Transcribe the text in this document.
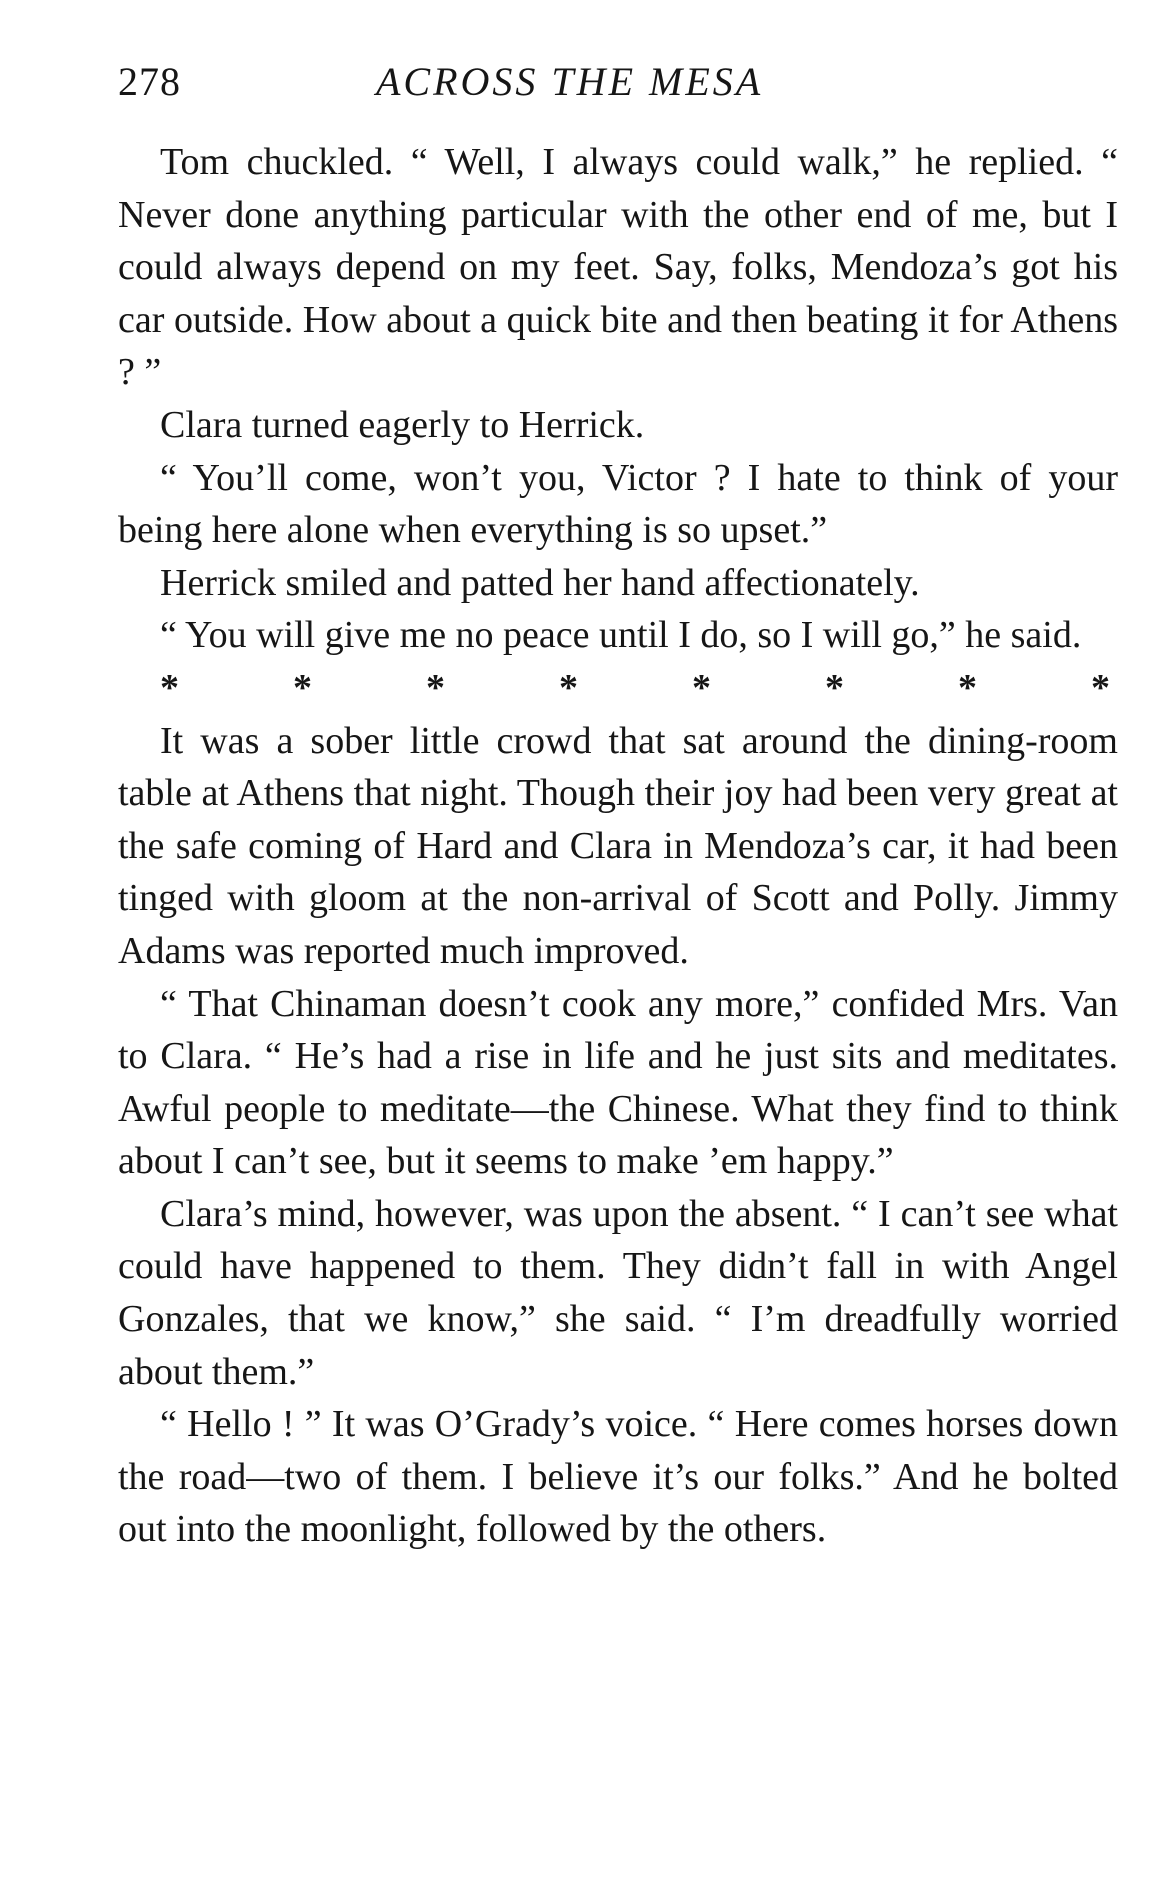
278	ACROSS THE MESA

Tom chuckled. “ Well, I always could walk,” he replied. “ Never done anything particular with the other end of me, but I could always depend on my feet. Say, folks, Mendoza’s got his car outside. How about a quick bite and then beating it for Athens ? ”

Clara turned eagerly to Herrick.

“ You’ll come, won’t you, Victor ? I hate to think of your being here alone when everything is so upset.”

Herrick smiled and patted her hand affectionately.

“ You will give me no peace until I do, so I will go,” he said.

*	*	*	*	*	*	*	*

It was a sober little crowd that sat around the dining-room table at Athens that night. Though their joy had been very great at the safe coming of Hard and Clara in Mendoza’s car, it had been tinged with gloom at the non-arrival of Scott and Polly. Jimmy Adams was reported much improved.

“ That Chinaman doesn’t cook any more,” confided Mrs. Van to Clara. “ He’s had a rise in life and he just sits and meditates. Awful people to meditate—the Chinese. What they find to think about I can’t see, but it seems to make ’em happy.”

Clara’s mind, however, was upon the absent. “ I can’t see what could have happened to them. They didn’t fall in with Angel Gonzales, that we know,” she said. “ I’m dreadfully worried about them.”

“ Hello ! ” It was O’Grady’s voice. “ Here comes horses down the road—two of them. I believe it’s our folks.” And he bolted out into the moonlight, followed by the others.
